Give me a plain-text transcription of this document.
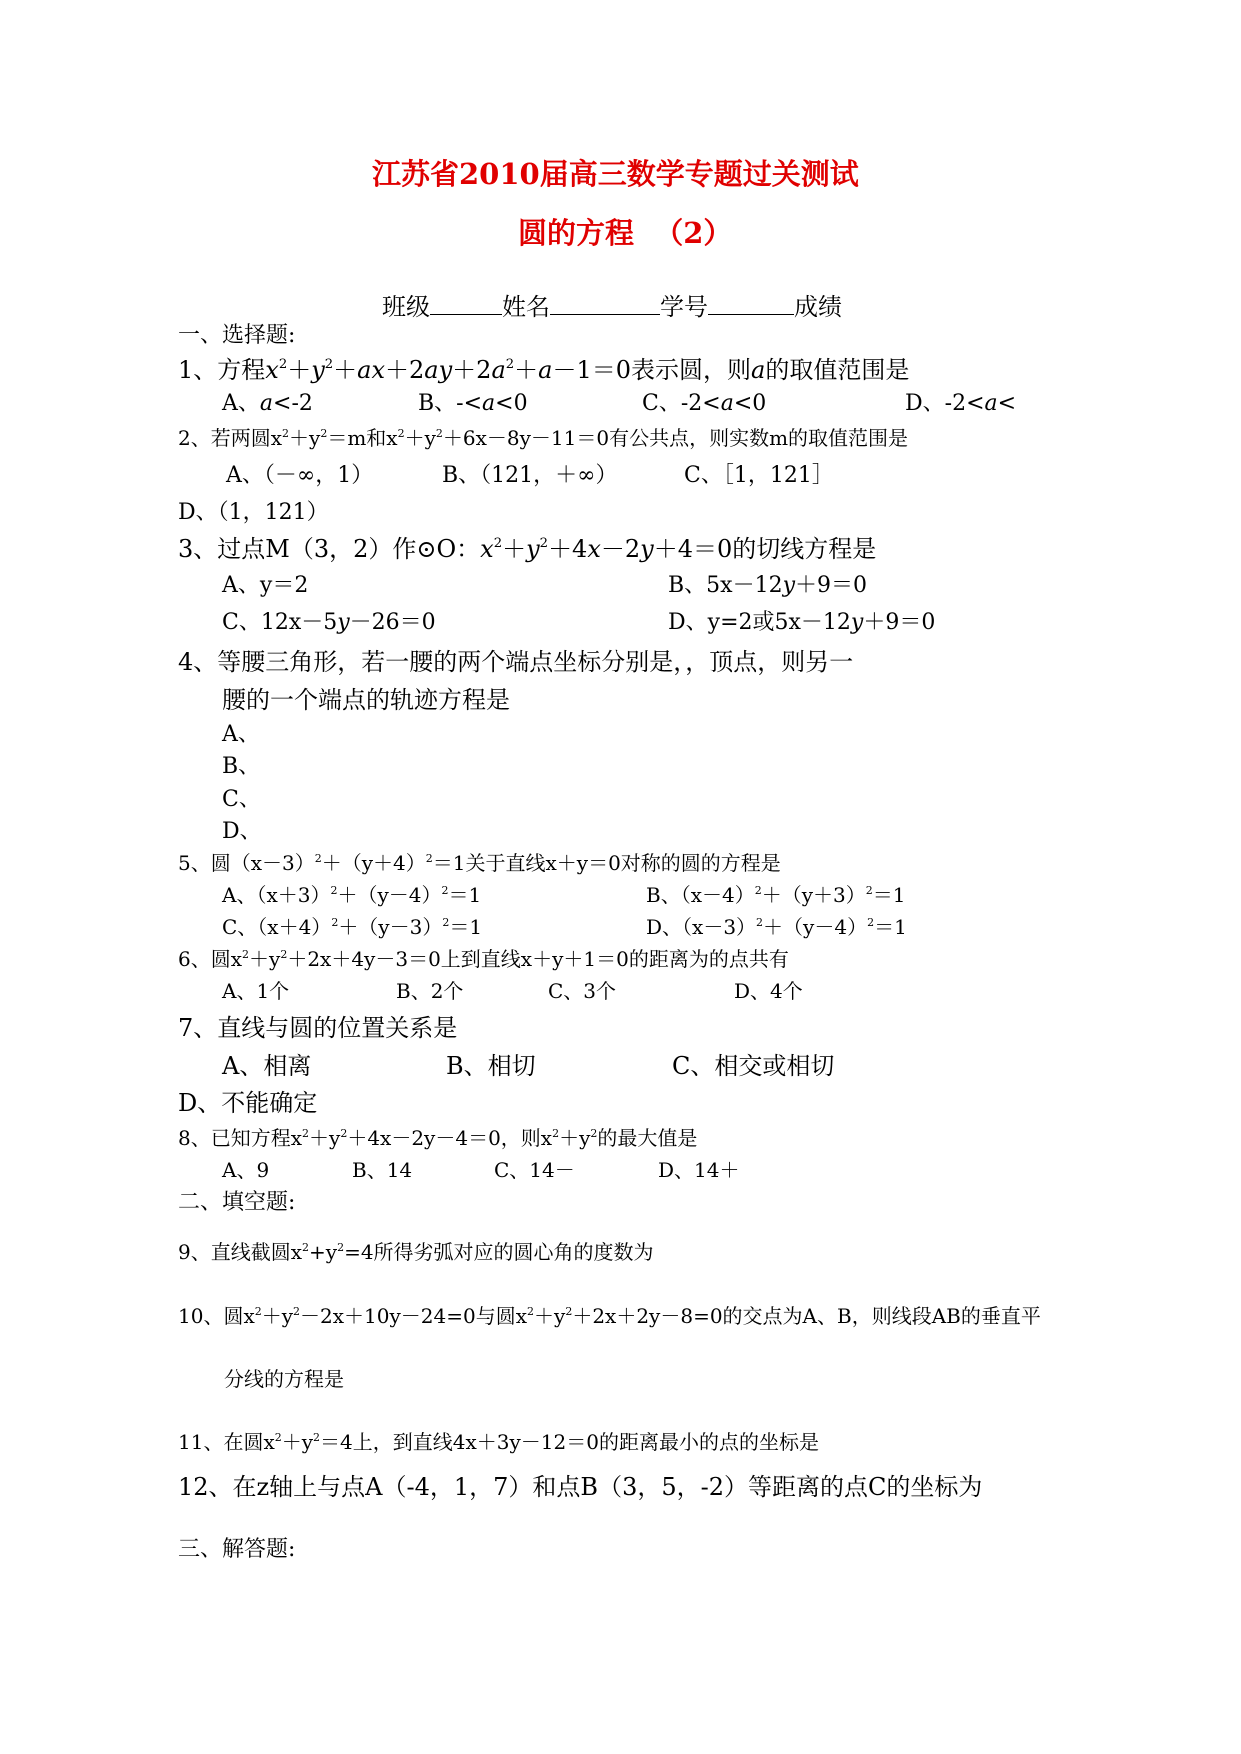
江苏省2010届高三数学专题过关测试
圆的方程  （2）
班级	姓名	学号	成绩
一、选择题:
1、方程$x^2+y^2+ax+2ay+2a^2+a-1=0$表示圆，则a的取值范围是
A、a<-2	B、-<a<0	C、-2<a<0	D、-2<a<
2、若两圆$x^2+y^2=m$和$x^2+y^2+6x-8y-11=0$有公共点，则实数m的取值范围是
A、（－∞，1）	B、（121，＋∞）	C、［1，121］
D、（1，121）
3、过点M（3，2）作⊙O：$x^2+y^2+4x-2y+4=0$的切线方程是
A、y＝2	B、5x－12y＋9＝0
C、12x－5y－26＝0	D、y=2或5x－12y＋9＝0
4、等腰三角形，若一腰的两个端点坐标分别是，，顶点，则另一
腰的一个端点的轨迹方程是
A、
B、
C、
D、
5、圆$(x-3)^2+(y+4)^2=1$关于直线x＋y＝0对称的圆的方程是
A、$(x+3)^2+(y-4)^2=1$	B、$(x-4)^2+(y+3)^2=1$
C、$(x+4)^2+(y-3)^2=1$	D、$(x-3)^2+(y-4)^2=1$
6、圆$x^2+y^2+2x+4y-3=0$上到直线x＋y＋1＝0的距离为的点共有
A、1个	B、2个	C、3个	D、4个
7、直线与圆的位置关系是
A、相离	B、相切	C、相交或相切
D、不能确定
8、已知方程$x^2+y^2+4x-2y-4=0$，则$x^2+y^2$的最大值是
A、9	B、14	C、14－	D、14＋
二、填空题:
9、直线截圆$x^2+y^2=4$所得劣弧对应的圆心角的度数为
10、圆$x^2+y^2-2x+10y-24=0$与圆$x^2+y^2+2x+2y-8=0$的交点为A、B，则线段AB的垂直平
分线的方程是
11、在圆$x^2+y^2=4$上，到直线4x＋3y－12＝0的距离最小的点的坐标是
12、在z轴上与点A（-4，1，7）和点B（3，5，-2）等距离的点C的坐标为
三、解答题:
